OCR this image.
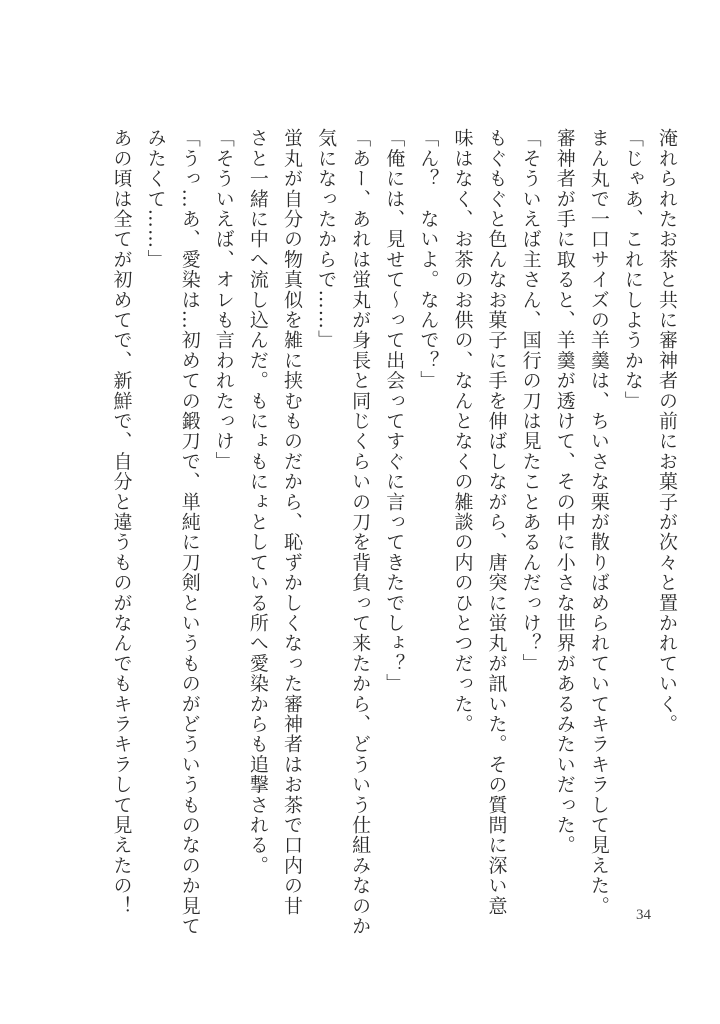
淹れられたお茶と共に審神者の前にお菓子が次々と置かれていく。
「じゃあ、これにしようかな」
まん丸で一口サイズの羊羹は、ちいさな栗が散りばめられていてキラキラして見えた。
審神者が手に取ると、羊羹が透けて、その中に小さな世界があるみたいだった。
「そういえば主さん、国行の刀は見たことあるんだっけ？」
もぐもぐと色んなお菓子に手を伸ばしながら、唐突に蛍丸が訊いた。その質問に深い意
味はなく、お茶のお供の、なんとなくの雑談の内のひとつだった。
「ん？　ないよ。なんで？」
「俺には、見せて〜って出会ってすぐに言ってきたでしょ？」
「あー、あれは蛍丸が身長と同じくらいの刀を背負って来たから、どういう仕組みなのか
気になったからで……」
蛍丸が自分の物真似を雑に挟むものだから、恥ずかしくなった審神者はお茶で口内の甘
さと一緒に中へ流し込んだ。もにょもにょとしている所へ愛染からも追撃される。
「そういえば、オレも言われたっけ」
「うっ…あ、愛染は…初めての鍛刀で、単純に刀剣というものがどういうものなのか見て
みたくて……」
あの頃は全てが初めてで、新鮮で、自分と違うものがなんでもキラキラして見えたの！	34
